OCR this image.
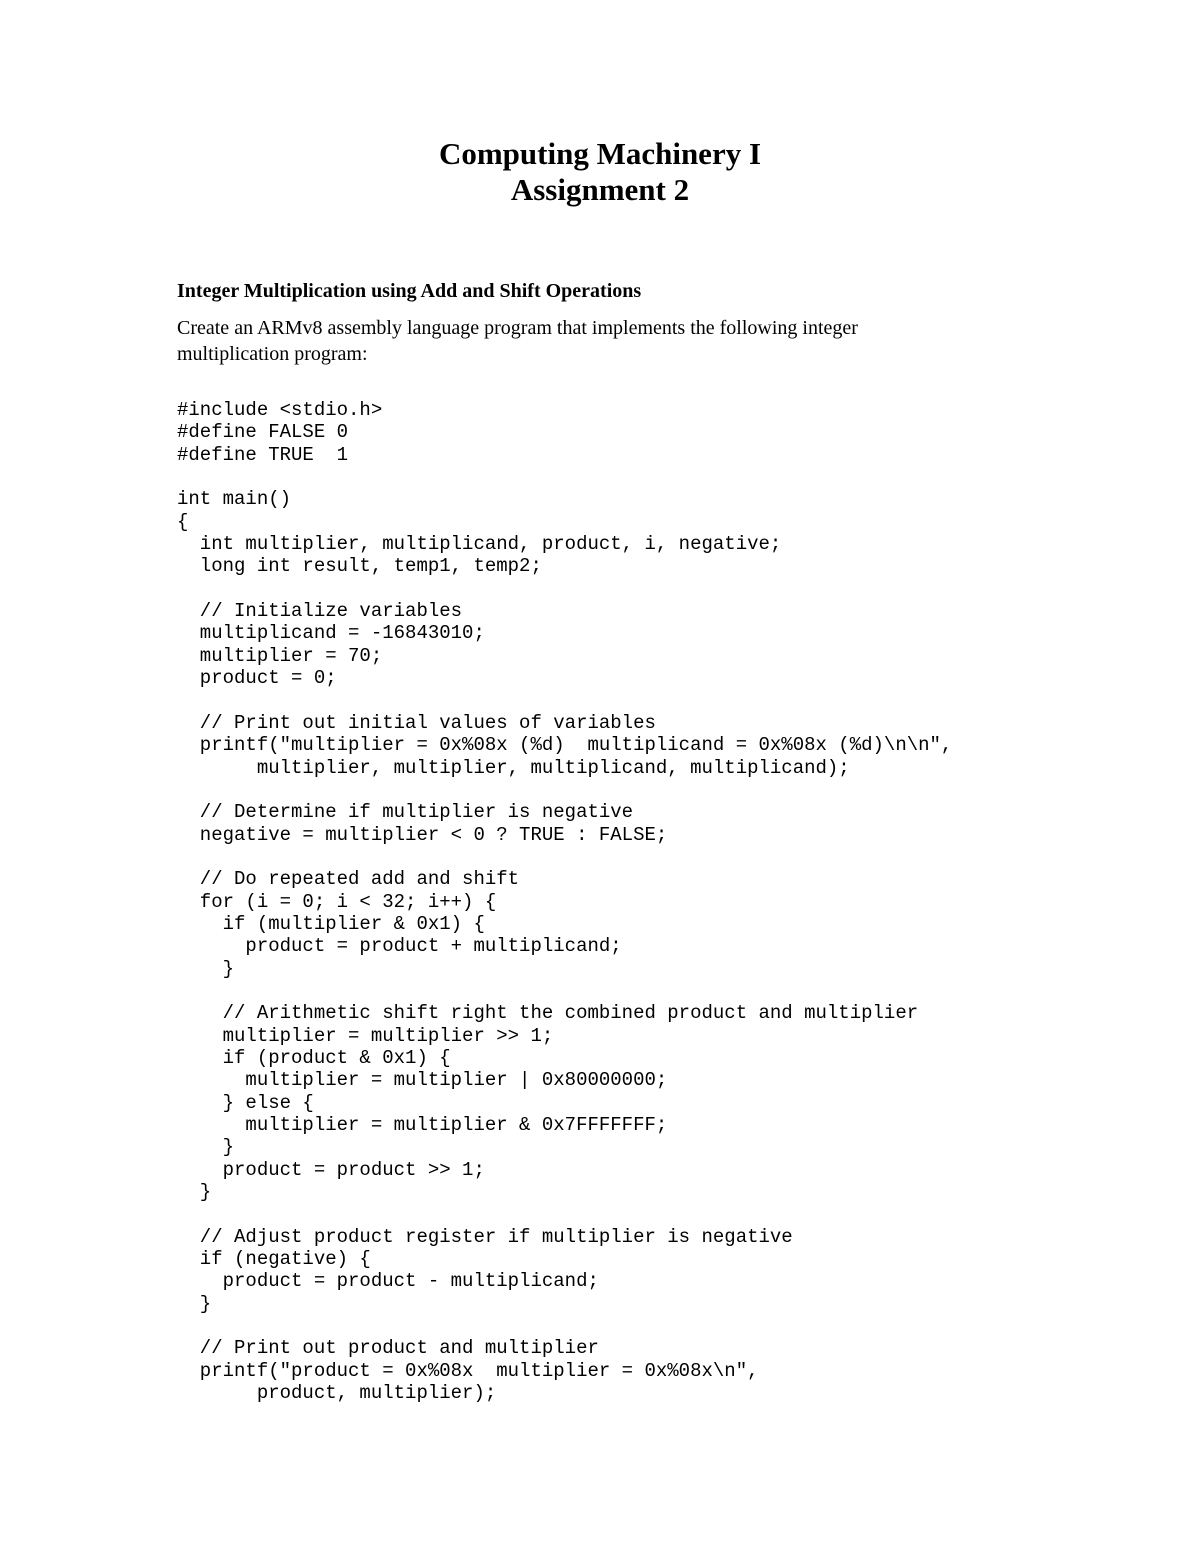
Computing Machinery I
Assignment 2
Integer Multiplication using Add and Shift Operations
Create an ARMv8 assembly language program that implements the following integer
multiplication program:
#include <stdio.h>
#define FALSE 0
#define TRUE  1
int main()
{
int multiplier, multiplicand, product, i, negative;
long int result, temp1, temp2;
// Initialize variables
multiplicand = -16843010;
multiplier = 70;
product = 0;
// Print out initial values of variables
printf("multiplier = 0x%08x (%d)  multiplicand = 0x%08x (%d)\n\n",
multiplier, multiplier, multiplicand, multiplicand);
// Determine if multiplier is negative
negative = multiplier < 0 ? TRUE : FALSE;
// Do repeated add and shift
for (i = 0; i < 32; i++) {
if (multiplier & 0x1) {
product = product + multiplicand;
}
// Arithmetic shift right the combined product and multiplier
multiplier = multiplier >> 1;
if (product & 0x1) {
multiplier = multiplier | 0x80000000;
} else {
multiplier = multiplier & 0x7FFFFFFF;
}
product = product >> 1;
}
// Adjust product register if multiplier is negative
if (negative) {
product = product - multiplicand;
}
// Print out product and multiplier
printf("product = 0x%08x  multiplier = 0x%08x\n",
product, multiplier);
